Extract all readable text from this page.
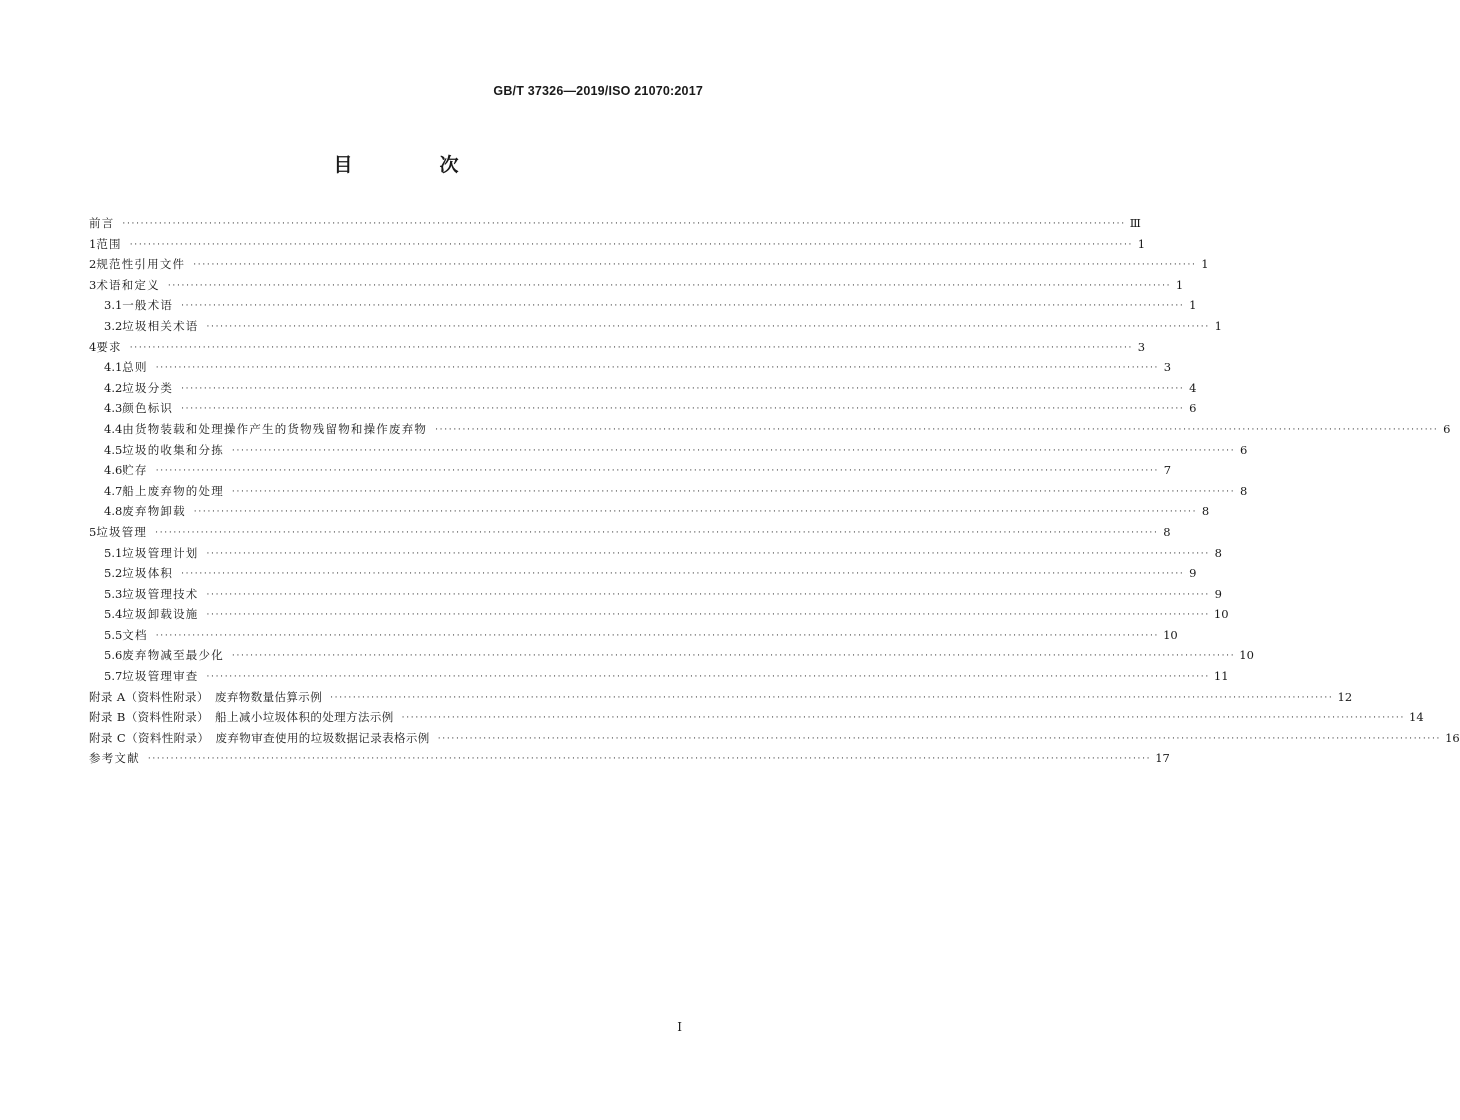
GB/T 37326—2019/ISO 21070:2017
目　次
前言 ···························································································································································································································· Ⅲ
1 范围 ···························································································································································································································· 1
2 规范性引用文件 ···························································································································································································································· 1
3 术语和定义 ···························································································································································································································· 1
3.1 一般术语 ···························································································································································································································· 1
3.2 垃圾相关术语 ···························································································································································································································· 1
4 要求 ···························································································································································································································· 3
4.1 总则 ···························································································································································································································· 3
4.2 垃圾分类 ···························································································································································································································· 4
4.3 颜色标识 ···························································································································································································································· 6
4.4 由货物装载和处理操作产生的货物残留物和操作废弃物 ···························································································································································································································· 6
4.5 垃圾的收集和分拣 ···························································································································································································································· 6
4.6 贮存 ···························································································································································································································· 7
4.7 船上废弃物的处理 ···························································································································································································································· 8
4.8 废弃物卸载 ···························································································································································································································· 8
5 垃圾管理 ···························································································································································································································· 8
5.1 垃圾管理计划 ···························································································································································································································· 8
5.2 垃圾体积 ···························································································································································································································· 9
5.3 垃圾管理技术 ···························································································································································································································· 9
5.4 垃圾卸载设施 ···························································································································································································································· 10
5.5 文档 ···························································································································································································································· 10
5.6 废弃物减至最少化 ···························································································································································································································· 10
5.7 垃圾管理审查 ···························································································································································································································· 11
附录 A（资料性附录）　废弃物数量估算示例 ···························································································································································································································· 12
附录 B（资料性附录）　船上减小垃圾体积的处理方法示例 ···························································································································································································································· 14
附录 C（资料性附录）　废弃物审查使用的垃圾数据记录表格示例 ···························································································································································································································· 16
参考文献 ···························································································································································································································· 17
I
